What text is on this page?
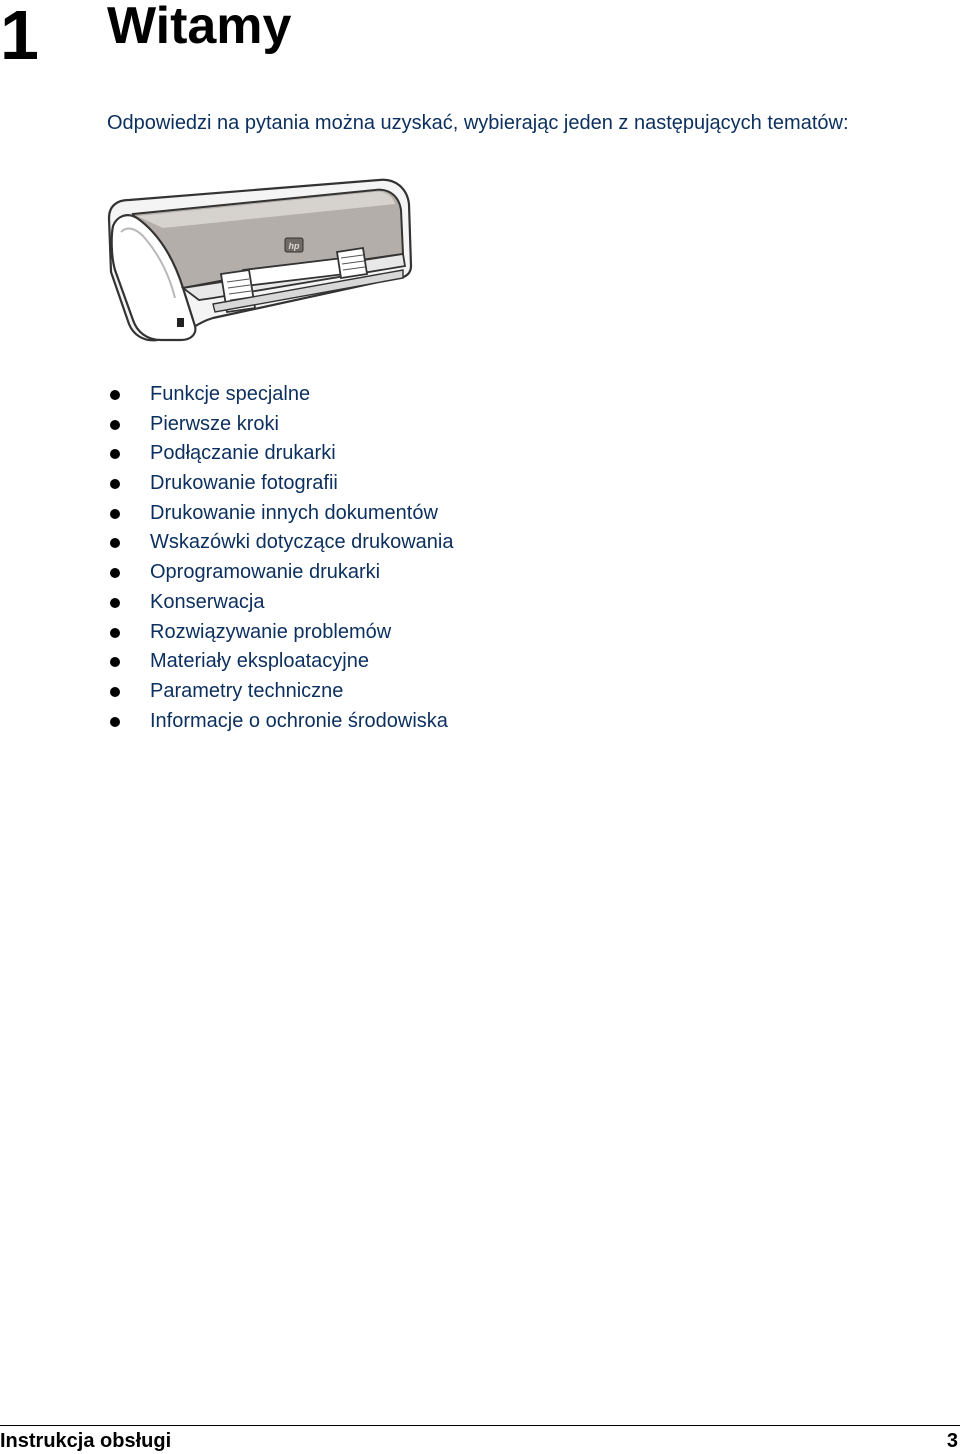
1 Witamy
Odpowiedzi na pytania można uzyskać, wybierając jeden z następujących tematów:
hp
Funkcje specjalne
Pierwsze kroki
Podłączanie drukarki
Drukowanie fotografii
Drukowanie innych dokumentów
Wskazówki dotyczące drukowania
Oprogramowanie drukarki
Konserwacja
Rozwiązywanie problemów
Materiały eksploatacyjne
Parametry techniczne
Informacje o ochronie środowiska
Instrukcja obsługi	3
